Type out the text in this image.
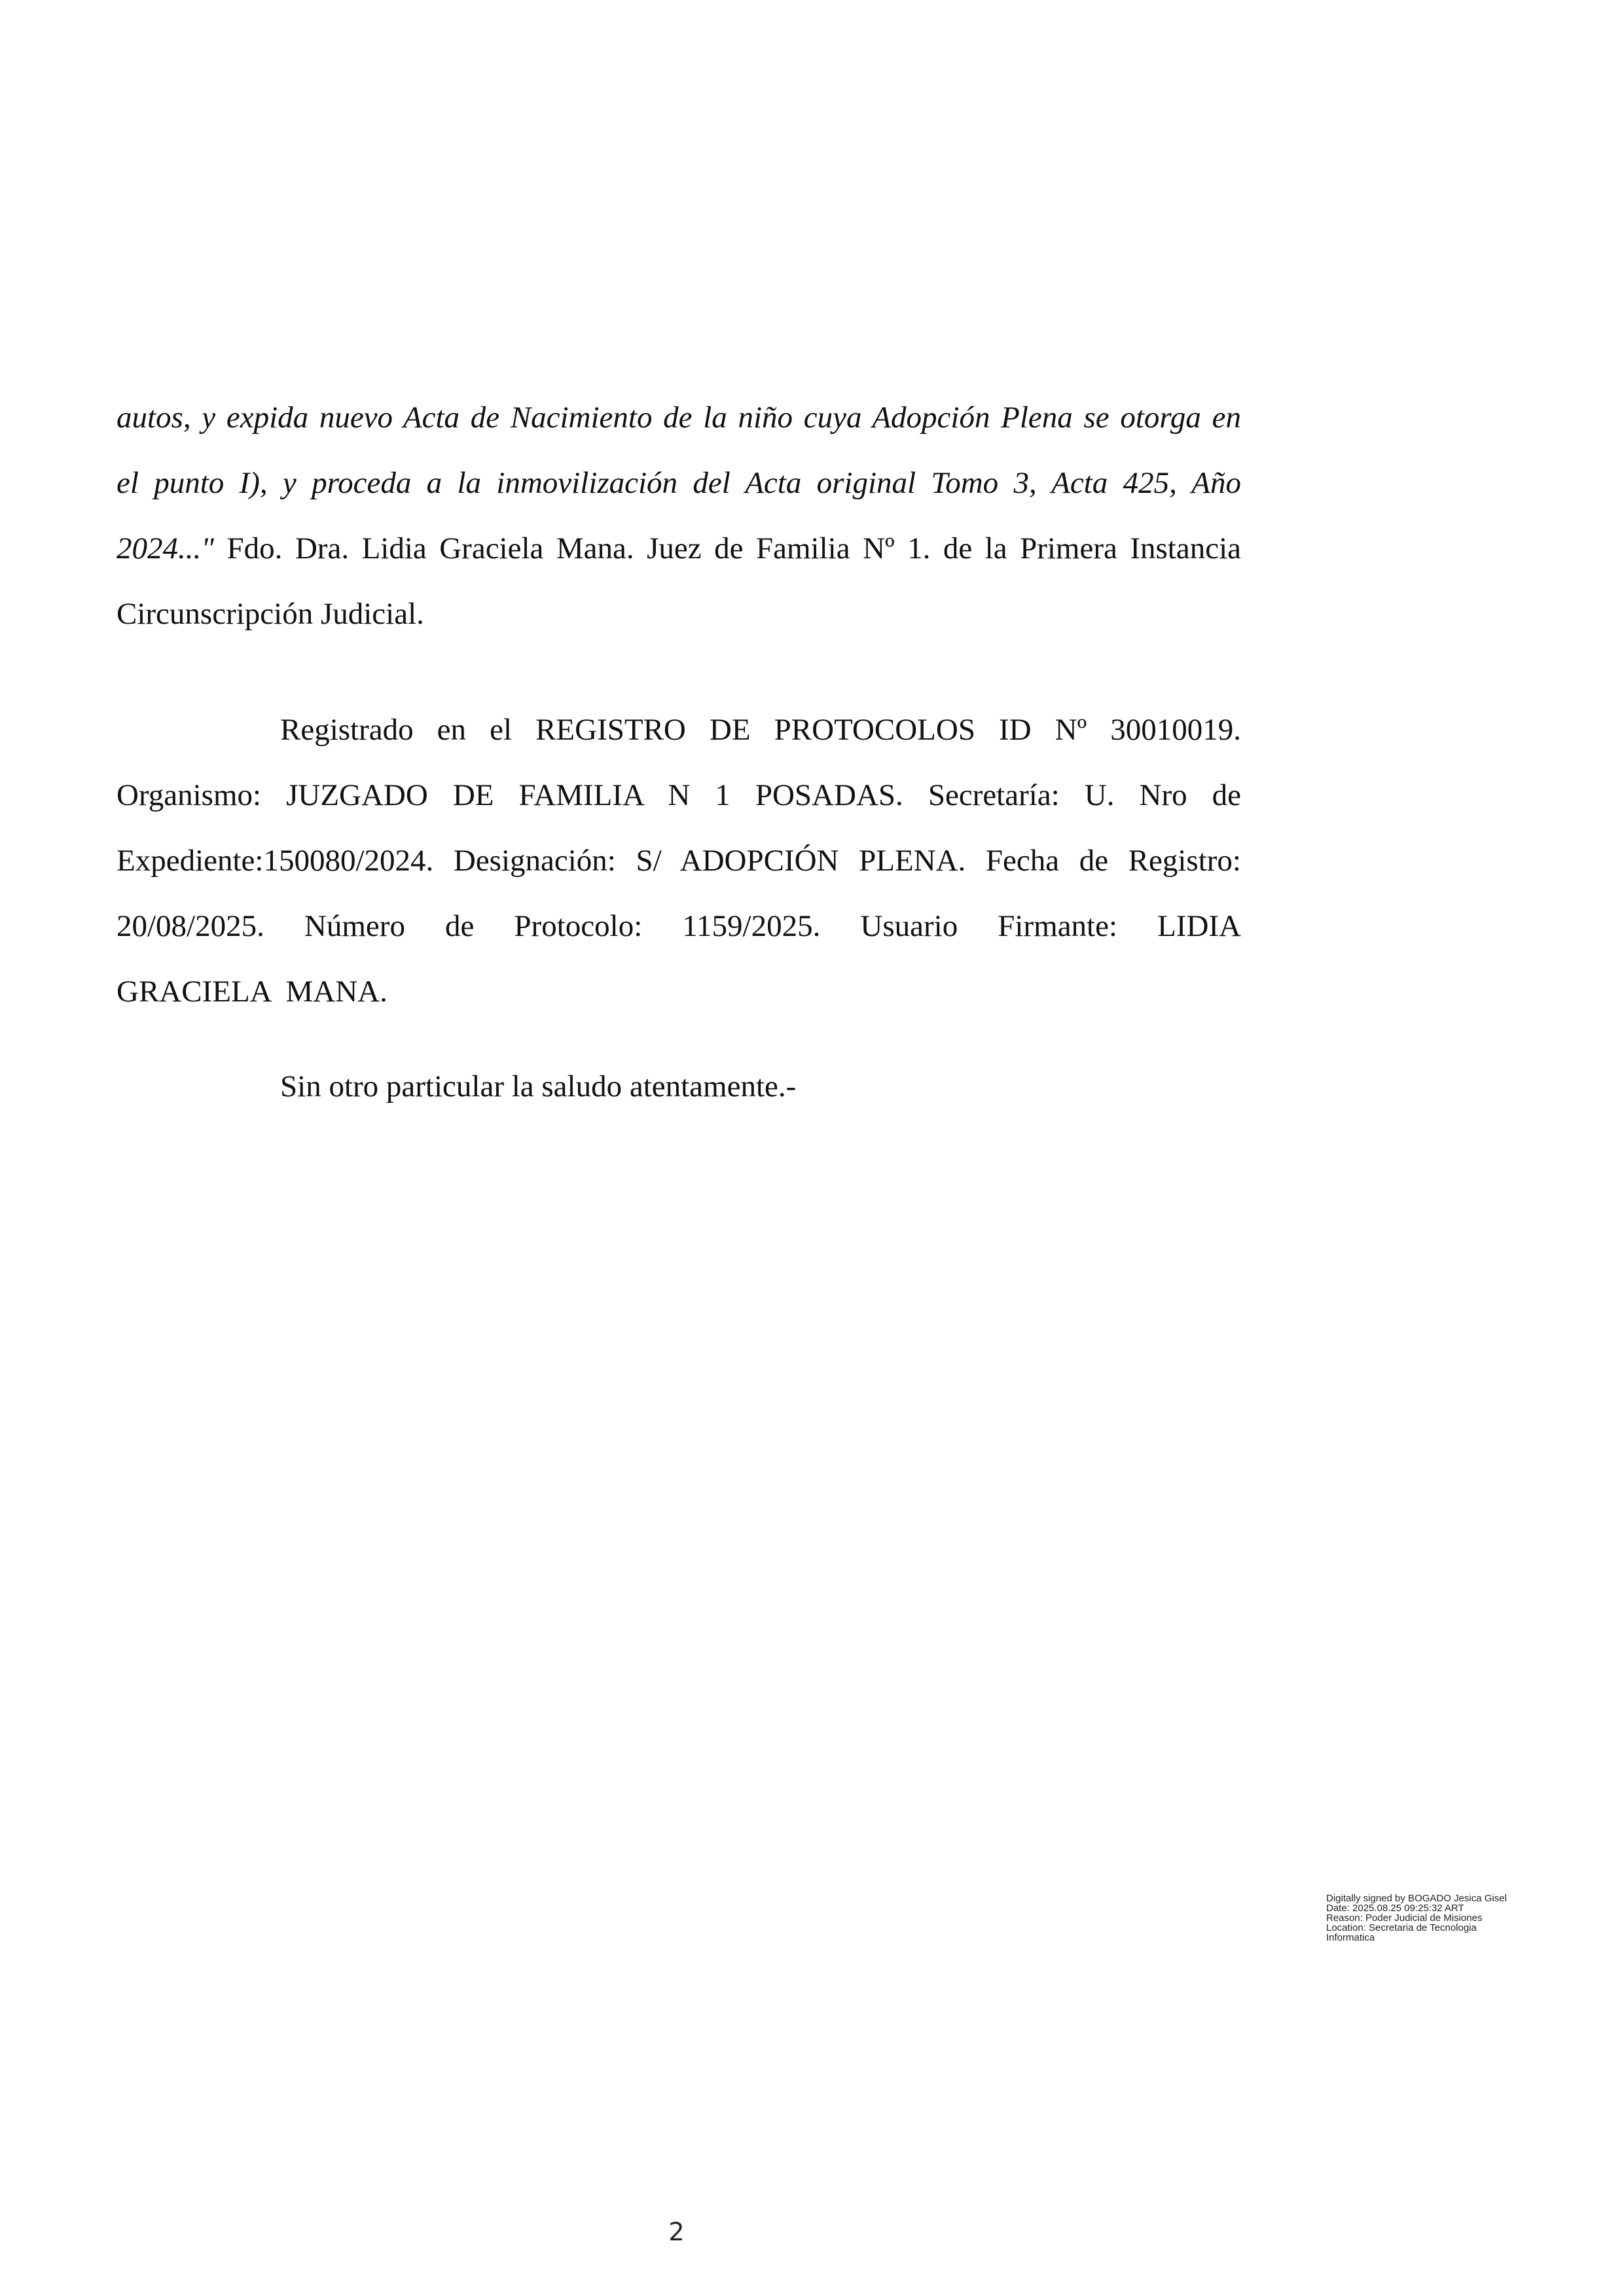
autos, y expida nuevo Acta de Nacimiento de la niño cuya Adopción Plena se otorga en
el punto I), y proceda a la inmovilización del Acta original Tomo 3, Acta 425, Año
2024..." Fdo. Dra. Lidia Graciela Mana. Juez de Familia Nº 1. de la Primera Instancia
Circunscripción Judicial.
Registrado en el REGISTRO DE PROTOCOLOS ID Nº 30010019.
Organismo: JUZGADO DE FAMILIA N 1 POSADAS. Secretaría: U. Nro de
Expediente:150080/2024. Designación: S/ ADOPCIÓN PLENA. Fecha de Registro:
20/08/2025. Número de Protocolo: 1159/2025. Usuario Firmante: LIDIA
GRACIELA  MANA.
Sin otro particular la saludo atentamente.-
Digitally signed by BOGADO Jesica Gisel
Date: 2025.08.25 09:25:32 ART
Reason: Poder Judicial de Misiones
Location: Secretaria de Tecnologia
Informatica
2
